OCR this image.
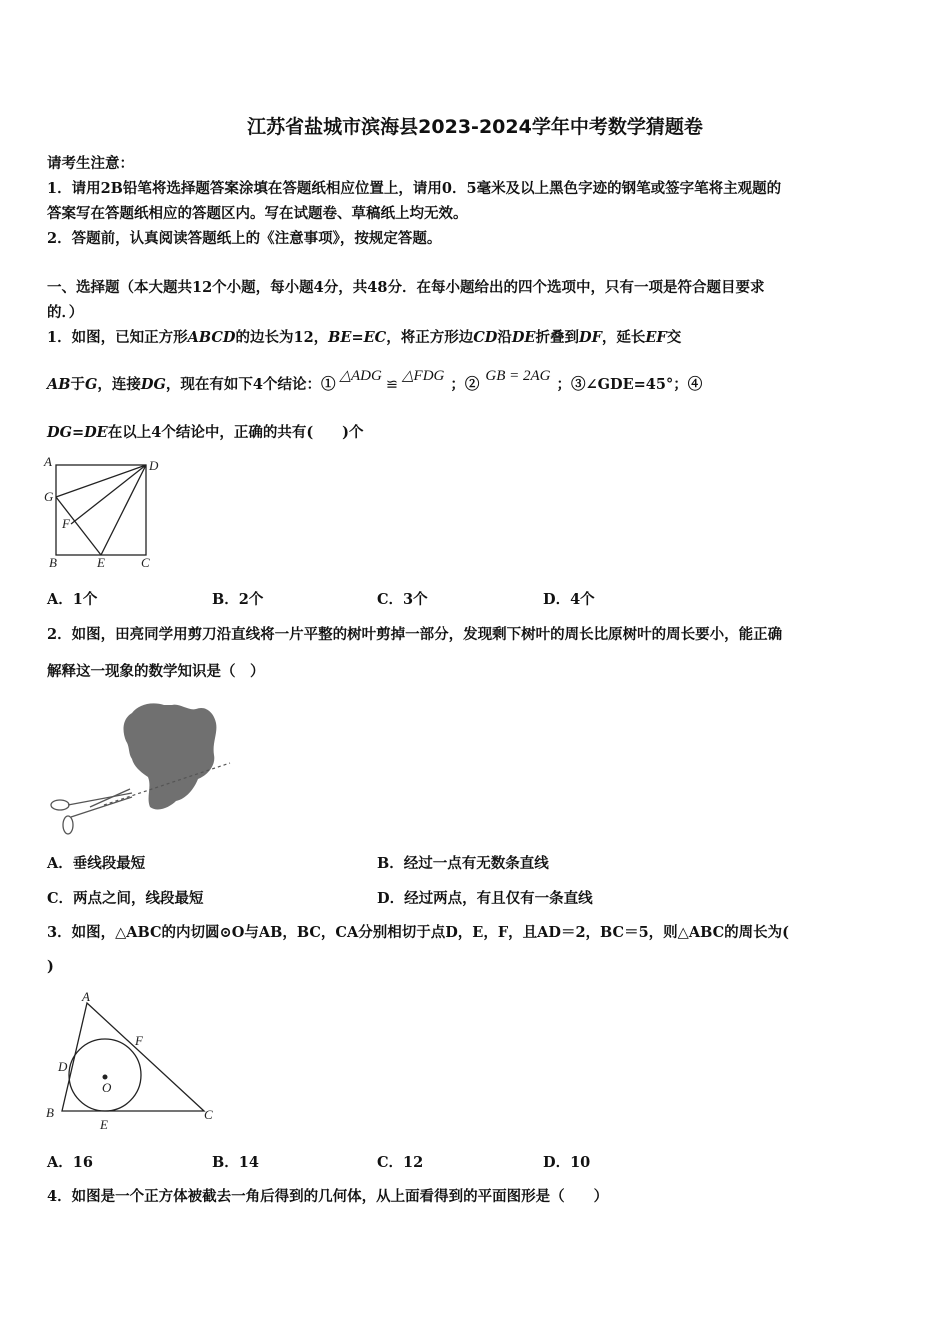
江苏省盐城市滨海县2023-2024学年中考数学猜题卷
请考生注意：
1．请用2B铅笔将选择题答案涂填在答题纸相应位置上，请用0．5毫米及以上黑色字迹的钢笔或签字笔将主观题的
答案写在答题纸相应的答题区内。写在试题卷、草稿纸上均无效。
2．答题前，认真阅读答题纸上的《注意事项》，按规定答题。
一、选择题（本大题共12个小题，每小题4分，共48分．在每小题给出的四个选项中，只有一项是符合题目要求
的．）
1．如图，已知正方形ABCD的边长为12，BE=EC，将正方形边CD沿DE折叠到DF，延长EF交
AB于G，连接DG，现在有如下4个结论：① △ADG≌△FDG ；② GB = 2AG ；③∠GDE=45°；④
DG=DE在以上4个结论中，正确的共有(　　)个
A	D
G
F
B	E	C
A．1个	B．2个	C．3个	D．4个
2．如图，田亮同学用剪刀沿直线将一片平整的树叶剪掉一部分，发现剩下树叶的周长比原树叶的周长要小，能正确
解释这一现象的数学知识是（　）
A．垂线段最短	B．经过一点有无数条直线
C．两点之间，线段最短	D．经过两点，有且仅有一条直线
3．如图，△ABC的内切圆⊙O与AB，BC，CA分别相切于点D，E，F，且AD＝2，BC＝5，则△ABC的周长为(
)
A
F
D
O
B	C
E
A．16	B．14	C．12	D．10
4．如图是一个正方体被截去一角后得到的几何体，从上面看得到的平面图形是（　　）
